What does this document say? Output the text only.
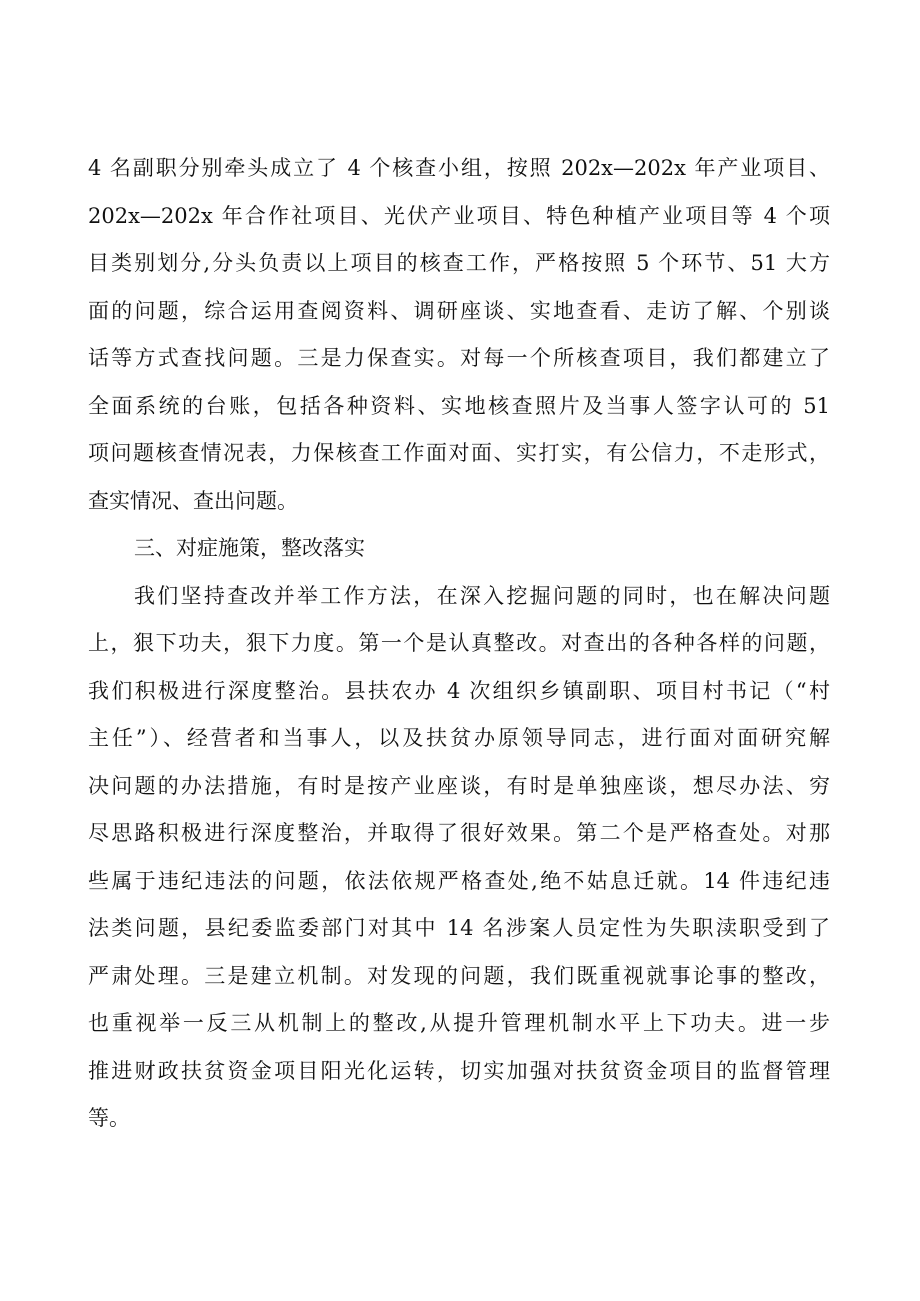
4 名副职分别牵头成立了 4 个核查小组，按照 202x—202x 年产业项目、
202x—202x 年合作社项目、光伏产业项目、特色种植产业项目等 4 个项
目类别划分,分头负责以上项目的核查工作，严格按照 5 个环节、51 大方
面的问题，综合运用查阅资料、调研座谈、实地查看、走访了解、个别谈
话等方式查找问题。三是力保查实。对每一个所核查项目，我们都建立了
全面系统的台账，包括各种资料、实地核查照片及当事人签字认可的 51
项问题核查情况表，力保核查工作面对面、实打实，有公信力，不走形式，
查实情况、查出问题。
三、对症施策，整改落实
我们坚持查改并举工作方法，在深入挖掘问题的同时，也在解决问题
上，狠下功夫，狠下力度。第一个是认真整改。对查出的各种各样的问题，
我们积极进行深度整治。县扶农办 4 次组织乡镇副职、项目村书记（“村
主任”）、经营者和当事人，以及扶贫办原领导同志，进行面对面研究解
决问题的办法措施，有时是按产业座谈，有时是单独座谈，想尽办法、穷
尽思路积极进行深度整治，并取得了很好效果。第二个是严格查处。对那
些属于违纪违法的问题，依法依规严格查处,绝不姑息迁就。14 件违纪违
法类问题，县纪委监委部门对其中 14 名涉案人员定性为失职渎职受到了
严肃处理。三是建立机制。对发现的问题，我们既重视就事论事的整改，
也重视举一反三从机制上的整改,从提升管理机制水平上下功夫。进一步
推进财政扶贫资金项目阳光化运转，切实加强对扶贫资金项目的监督管理
等。
